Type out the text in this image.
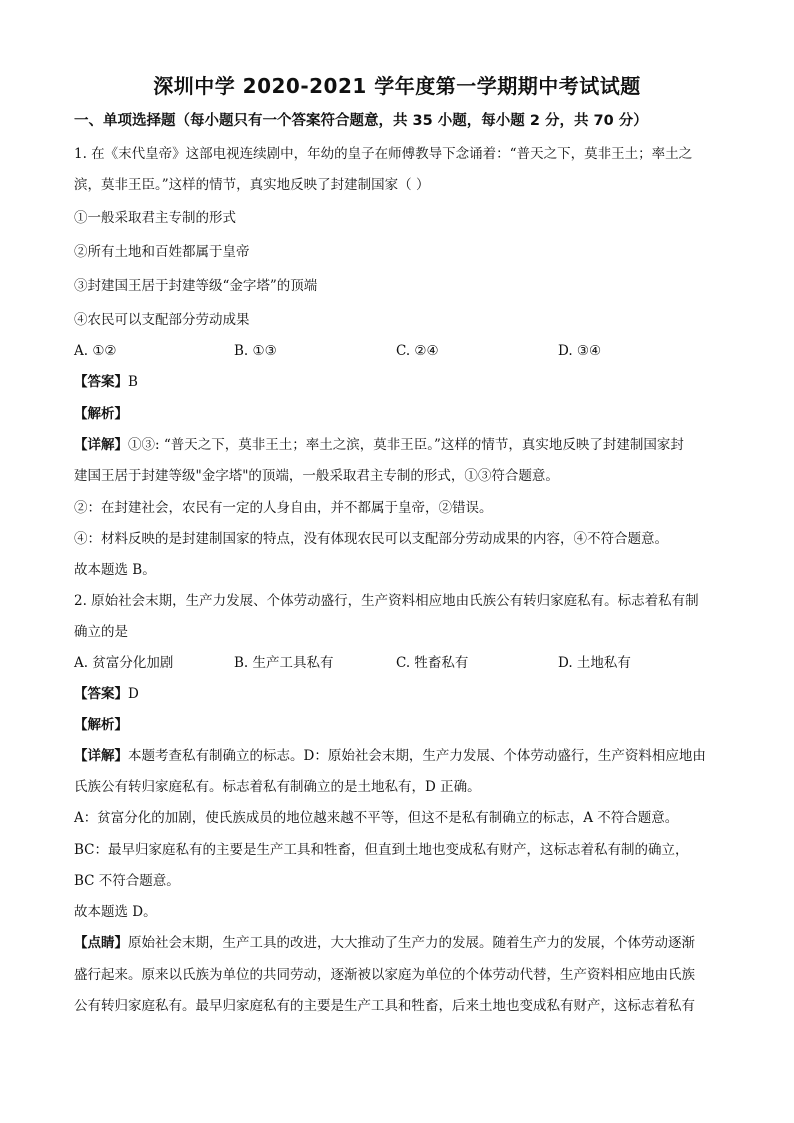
深圳中学 2020-2021 学年度第一学期期中考试试题
一、单项选择题（每小题只有一个答案符合题意，共 35 小题，每小题 2 分，共 70 分）
1. 在《末代皇帝》这部电视连续剧中，年幼的皇子在师傅教导下念诵着：“普天之下，莫非王土；率土之
滨，莫非王臣。”这样的情节，真实地反映了封建制国家（ ）
①一般采取君主专制的形式
②所有土地和百姓都属于皇帝
③封建国王居于封建等级“金字塔”的顶端
④农民可以支配部分劳动成果
A. ①②	B. ①③	C. ②④	D. ③④
【答案】B
【解析】
【详解】①③: “普天之下，莫非王土；率土之滨，莫非王臣。”这样的情节，真实地反映了封建制国家封
建国王居于封建等级"金字塔"的顶端，一般采取君主专制的形式，①③符合题意。
②：在封建社会，农民有一定的人身自由，并不都属于皇帝，②错误。
④：材料反映的是封建制国家的特点，没有体现农民可以支配部分劳动成果的内容，④不符合题意。
故本题选 B。
2. 原始社会末期，生产力发展、个体劳动盛行，生产资料相应地由氏族公有转归家庭私有。标志着私有制
确立的是
A. 贫富分化加剧	B. 生产工具私有	C. 牲畜私有	D. 土地私有
【答案】D
【解析】
【详解】本题考查私有制确立的标志。D：原始社会末期，生产力发展、个体劳动盛行，生产资料相应地由
氏族公有转归家庭私有。标志着私有制确立的是土地私有，D 正确。
A：贫富分化的加剧，使氏族成员的地位越来越不平等，但这不是私有制确立的标志，A 不符合题意。
BC：最早归家庭私有的主要是生产工具和牲畜，但直到土地也变成私有财产，这标志着私有制的确立，
BC 不符合题意。
故本题选 D。
【点睛】原始社会末期，生产工具的改进，大大推动了生产力的发展。随着生产力的发展，个体劳动逐渐
盛行起来。原来以氏族为单位的共同劳动，逐渐被以家庭为单位的个体劳动代替，生产资料相应地由氏族
公有转归家庭私有。最早归家庭私有的主要是生产工具和牲畜，后来土地也变成私有财产，这标志着私有
